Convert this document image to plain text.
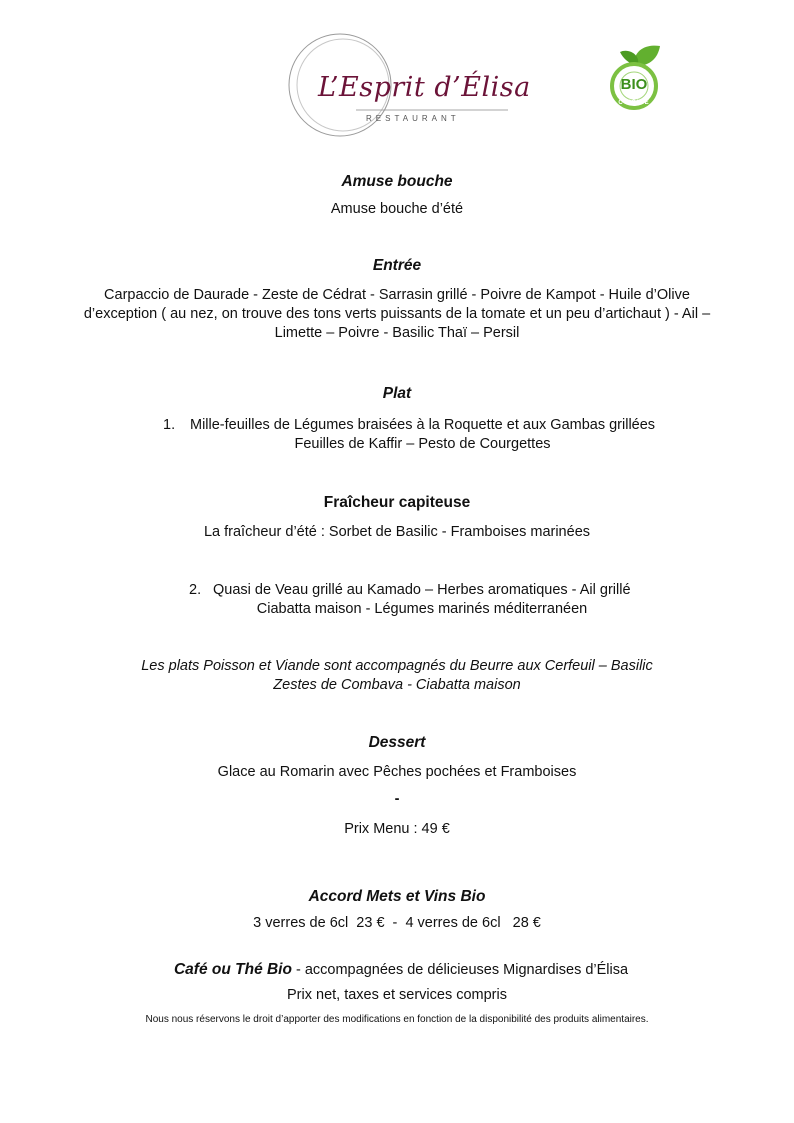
L’Esprit d’Élisa
RESTAURANT
BIO
CUISINE
Amuse bouche
Amuse bouche d’été
Entrée
Carpaccio de Daurade - Zeste de Cédrat - Sarrasin grillé - Poivre de Kampot - Huile d’Olive
d’exception ( au nez, on trouve des tons verts puissants de la tomate et un peu d’artichaut ) - Ail –
Limette – Poivre - Basilic Thaï – Persil
Plat
1. Mille-feuilles de Légumes braisées à la Roquette et aux Gambas grillées
Feuilles de Kaffir – Pesto de Courgettes
Fraîcheur capiteuse
La fraîcheur d’été : Sorbet de Basilic - Framboises marinées
2. Quasi de Veau grillé au Kamado – Herbes aromatiques - Ail grillé
Ciabatta maison - Légumes marinés méditerranéen
Les plats Poisson et Viande sont accompagnés du Beurre aux Cerfeuil – Basilic
Zestes de Combava - Ciabatta maison
Dessert
Glace au Romarin avec Pêches pochées et Framboises
-
Prix Menu : 49 €
Accord Mets et Vins Bio
3 verres de 6cl  23 €  -  4 verres de 6cl   28 €

Café ou Thé Bio - accompagnées de délicieuses Mignardises d’Élisa

Prix net, taxes et services compris
Nous nous réservons le droit d’apporter des modifications en fonction de la disponibilité des produits alimentaires.
